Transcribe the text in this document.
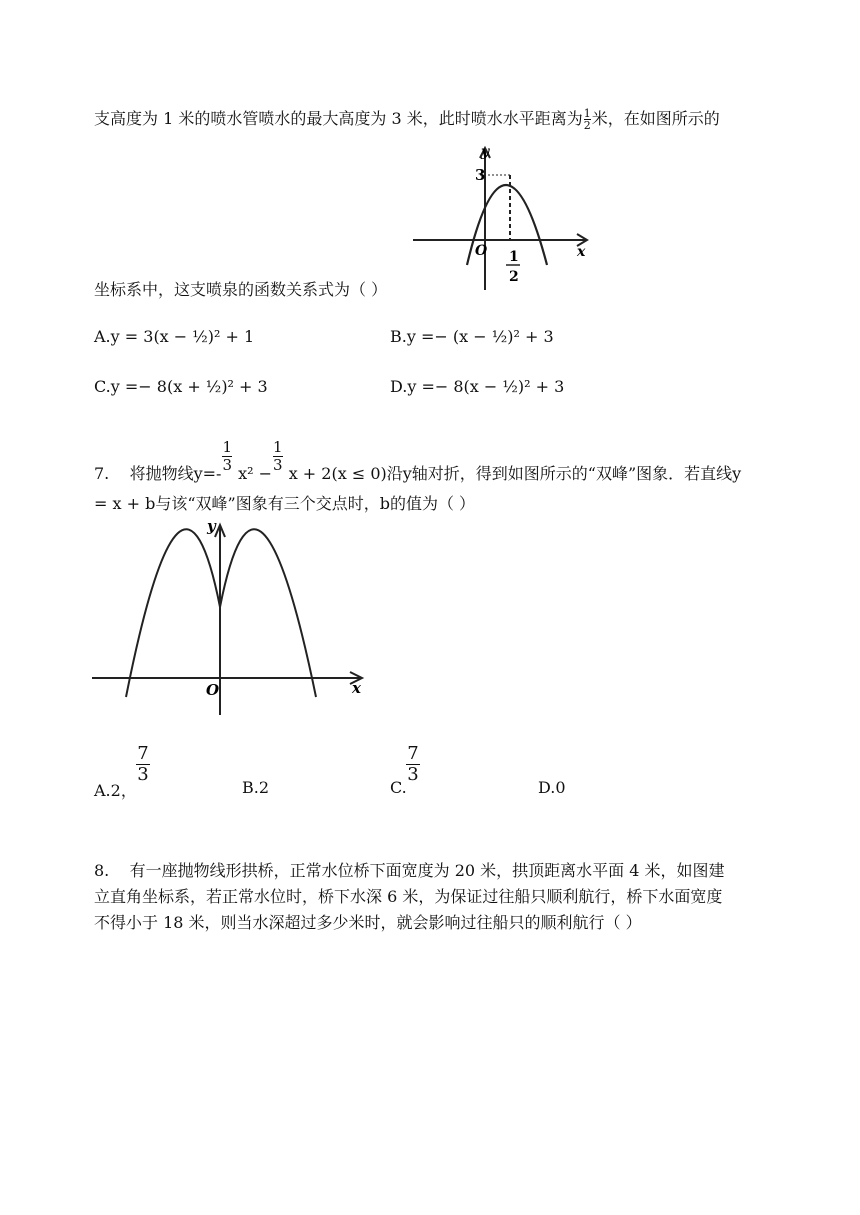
支高度为 1 米的喷水管喷水的最大高度为 3 米，此时喷水水平距离为 $\frac{1}{2}$ 米，在如图所示的
y
x
3
O 1
2
坐标系中，这支喷泉的函数关系式为（ ）
A.y = 3(x − ½)² + 1	B.y =− (x − ½)² + 3
C.y =− 8(x + ½)² + 3	D.y =− 8(x − ½)² + 3
7. 将抛物线$y=- \frac{1}{3} x^2 - \frac{1}{3}$ x + 2(x ≤ 0)沿y轴对折，得到如图所示的“双峰”图象．若直线y
= x + b与该“双峰”图象有三个交点时，b的值为（ ）
y
x
O
A.2，
7
3
B.2	C.
7
3
D.0
8. 有一座抛物线形拱桥，正常水位桥下面宽度为 20 米，拱顶距离水平面 4 米，如图建
立直角坐标系，若正常水位时，桥下水深 6 米，为保证过往船只顺利航行，桥下水面宽度
不得小于 18 米，则当水深超过多少米时，就会影响过往船只的顺利航行（ ）
